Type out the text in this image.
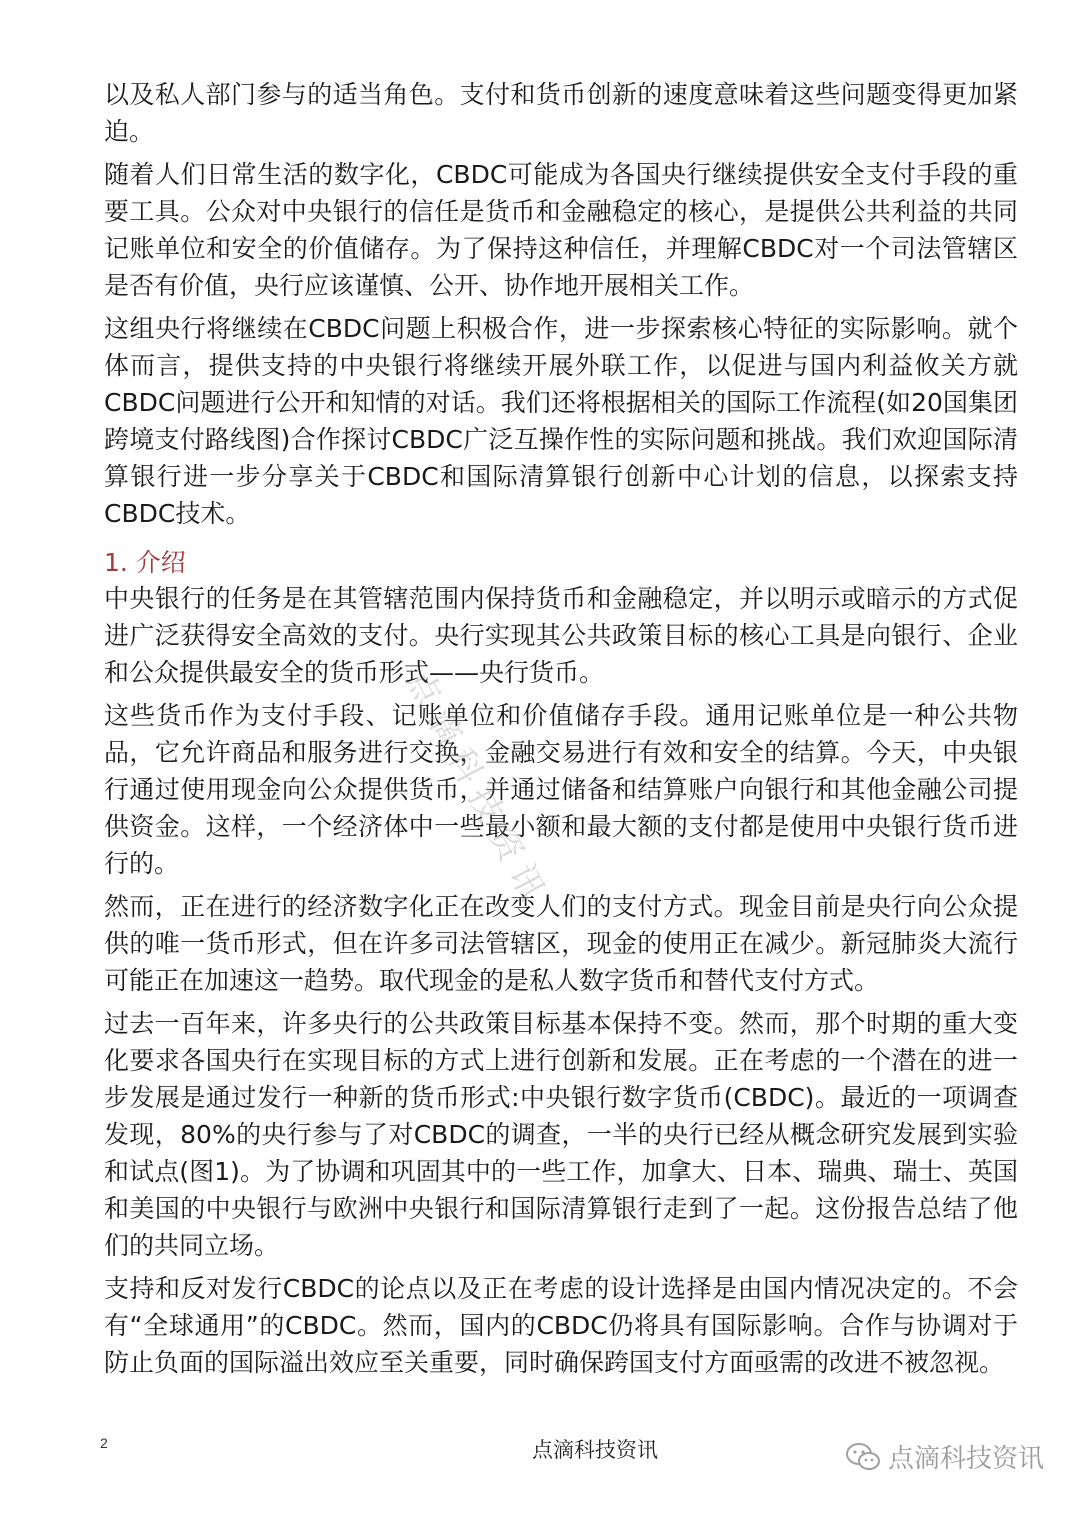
以及私人部门参与的适当角色。支付和货币创新的速度意味着这些问题变得更加紧迫。

随着人们日常生活的数字化，CBDC可能成为各国央行继续提供安全支付手段的重要工具。公众对中央银行的信任是货币和金融稳定的核心，是提供公共利益的共同记账单位和安全的价值储存。为了保持这种信任，并理解CBDC对一个司法管辖区是否有价值，央行应该谨慎、公开、协作地开展相关工作。

这组央行将继续在CBDC问题上积极合作，进一步探索核心特征的实际影响。就个体而言，提供支持的中央银行将继续开展外联工作，以促进与国内利益攸关方就CBDC问题进行公开和知情的对话。我们还将根据相关的国际工作流程(如20国集团跨境支付路线图)合作探讨CBDC广泛互操作性的实际问题和挑战。我们欢迎国际清算银行进一步分享关于CBDC和国际清算银行创新中心计划的信息，以探索支持CBDC技术。

1. 介绍

中央银行的任务是在其管辖范围内保持货币和金融稳定，并以明示或暗示的方式促进广泛获得安全高效的支付。央行实现其公共政策目标的核心工具是向银行、企业和公众提供最安全的货币形式——央行货币。

这些货币作为支付手段、记账单位和价值储存手段。通用记账单位是一种公共物品，它允许商品和服务进行交换，金融交易进行有效和安全的结算。今天，中央银行通过使用现金向公众提供货币，并通过储备和结算账户向银行和其他金融公司提供资金。这样，一个经济体中一些最小额和最大额的支付都是使用中央银行货币进行的。

然而，正在进行的经济数字化正在改变人们的支付方式。现金目前是央行向公众提供的唯一货币形式，但在许多司法管辖区，现金的使用正在减少。新冠肺炎大流行可能正在加速这一趋势。取代现金的是私人数字货币和替代支付方式。

过去一百年来，许多央行的公共政策目标基本保持不变。然而，那个时期的重大变化要求各国央行在实现目标的方式上进行创新和发展。正在考虑的一个潜在的进一步发展是通过发行一种新的货币形式:中央银行数字货币(CBDC)。最近的一项调查发现，80%的央行参与了对CBDC的调查，一半的央行已经从概念研究发展到实验和试点(图1)。为了协调和巩固其中的一些工作，加拿大、日本、瑞典、瑞士、英国和美国的中央银行与欧洲中央银行和国际清算银行走到了一起。这份报告总结了他们的共同立场。

支持和反对发行CBDC的论点以及正在考虑的设计选择是由国内情况决定的。不会有“全球通用”的CBDC。然而，国内的CBDC仍将具有国际影响。合作与协调对于防止负面的国际溢出效应至关重要，同时确保跨国支付方面亟需的改进不被忽视。

点滴科技资讯
2	点滴科技资讯	点滴科技资讯
